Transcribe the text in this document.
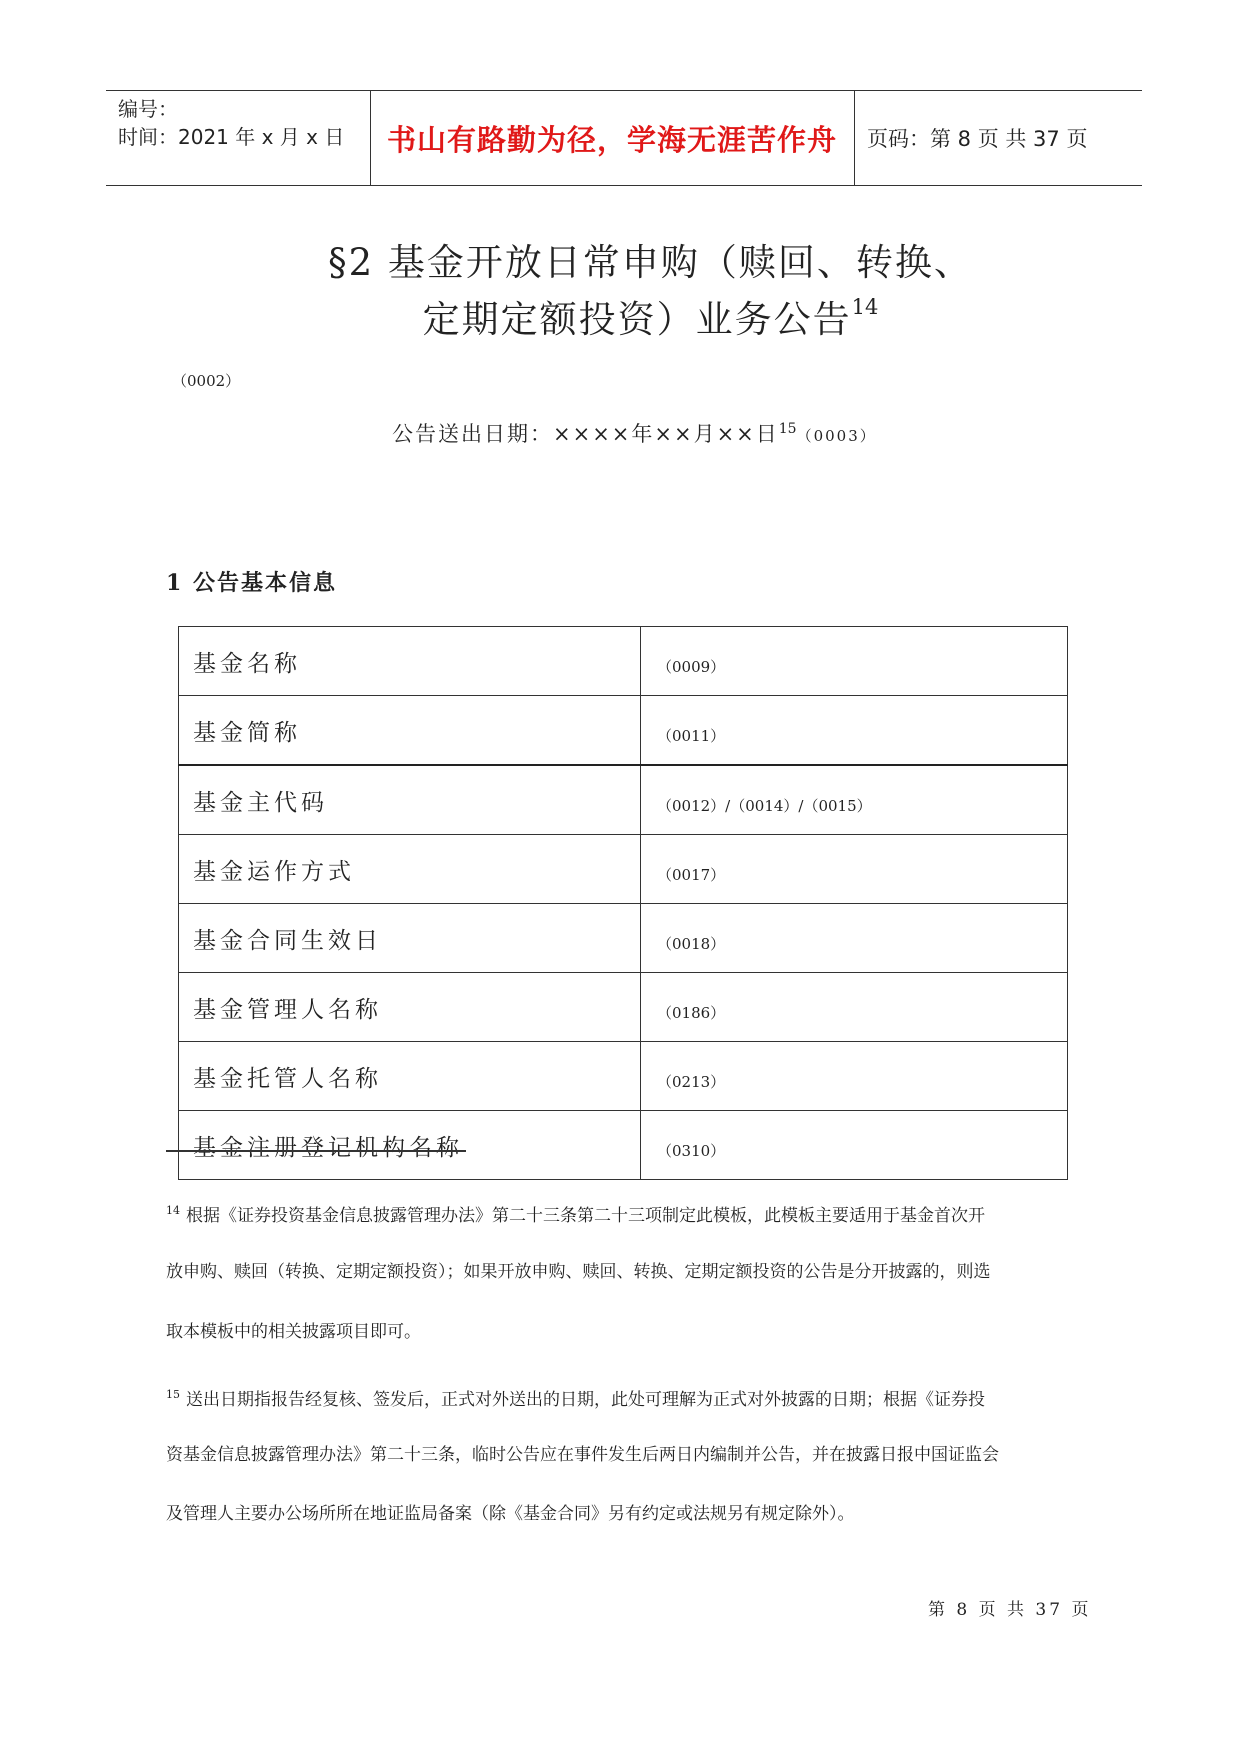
编号：
时间：2021 年 x 月 x 日 书山有路勤为径，学海无涯苦作舟 页码：第 8 页 共 37 页
§2 基金开放日常申购（赎回、转换、
定期定额投资）业务公告$^{14}$
（0002）
公告送出日期：××××年××月××日$^{15}$（0003）
1 公告基本信息
基金名称	（0009）
基金简称	（0011）
基金主代码	（0012）/（0014）/（0015）
基金运作方式	（0017）
基金合同生效日	（0018）
基金管理人名称	（0186）
基金托管人名称	（0213）
基金注册登记机构名称	（0310）
$^{14}$ 根据《证券投资基金信息披露管理办法》第二十三条第二十三项制定此模板，此模板主要适用于基金首次开
放申购、赎回（转换、定期定额投资）；如果开放申购、赎回、转换、定期定额投资的公告是分开披露的，则选
取本模板中的相关披露项目即可。
$^{15}$ 送出日期指报告经复核、签发后，正式对外送出的日期，此处可理解为正式对外披露的日期；根据《证券投
资基金信息披露管理办法》第二十三条，临时公告应在事件发生后两日内编制并公告，并在披露日报中国证监会
及管理人主要办公场所所在地证监局备案（除《基金合同》另有约定或法规另有规定除外）。
第 8 页 共 37 页
